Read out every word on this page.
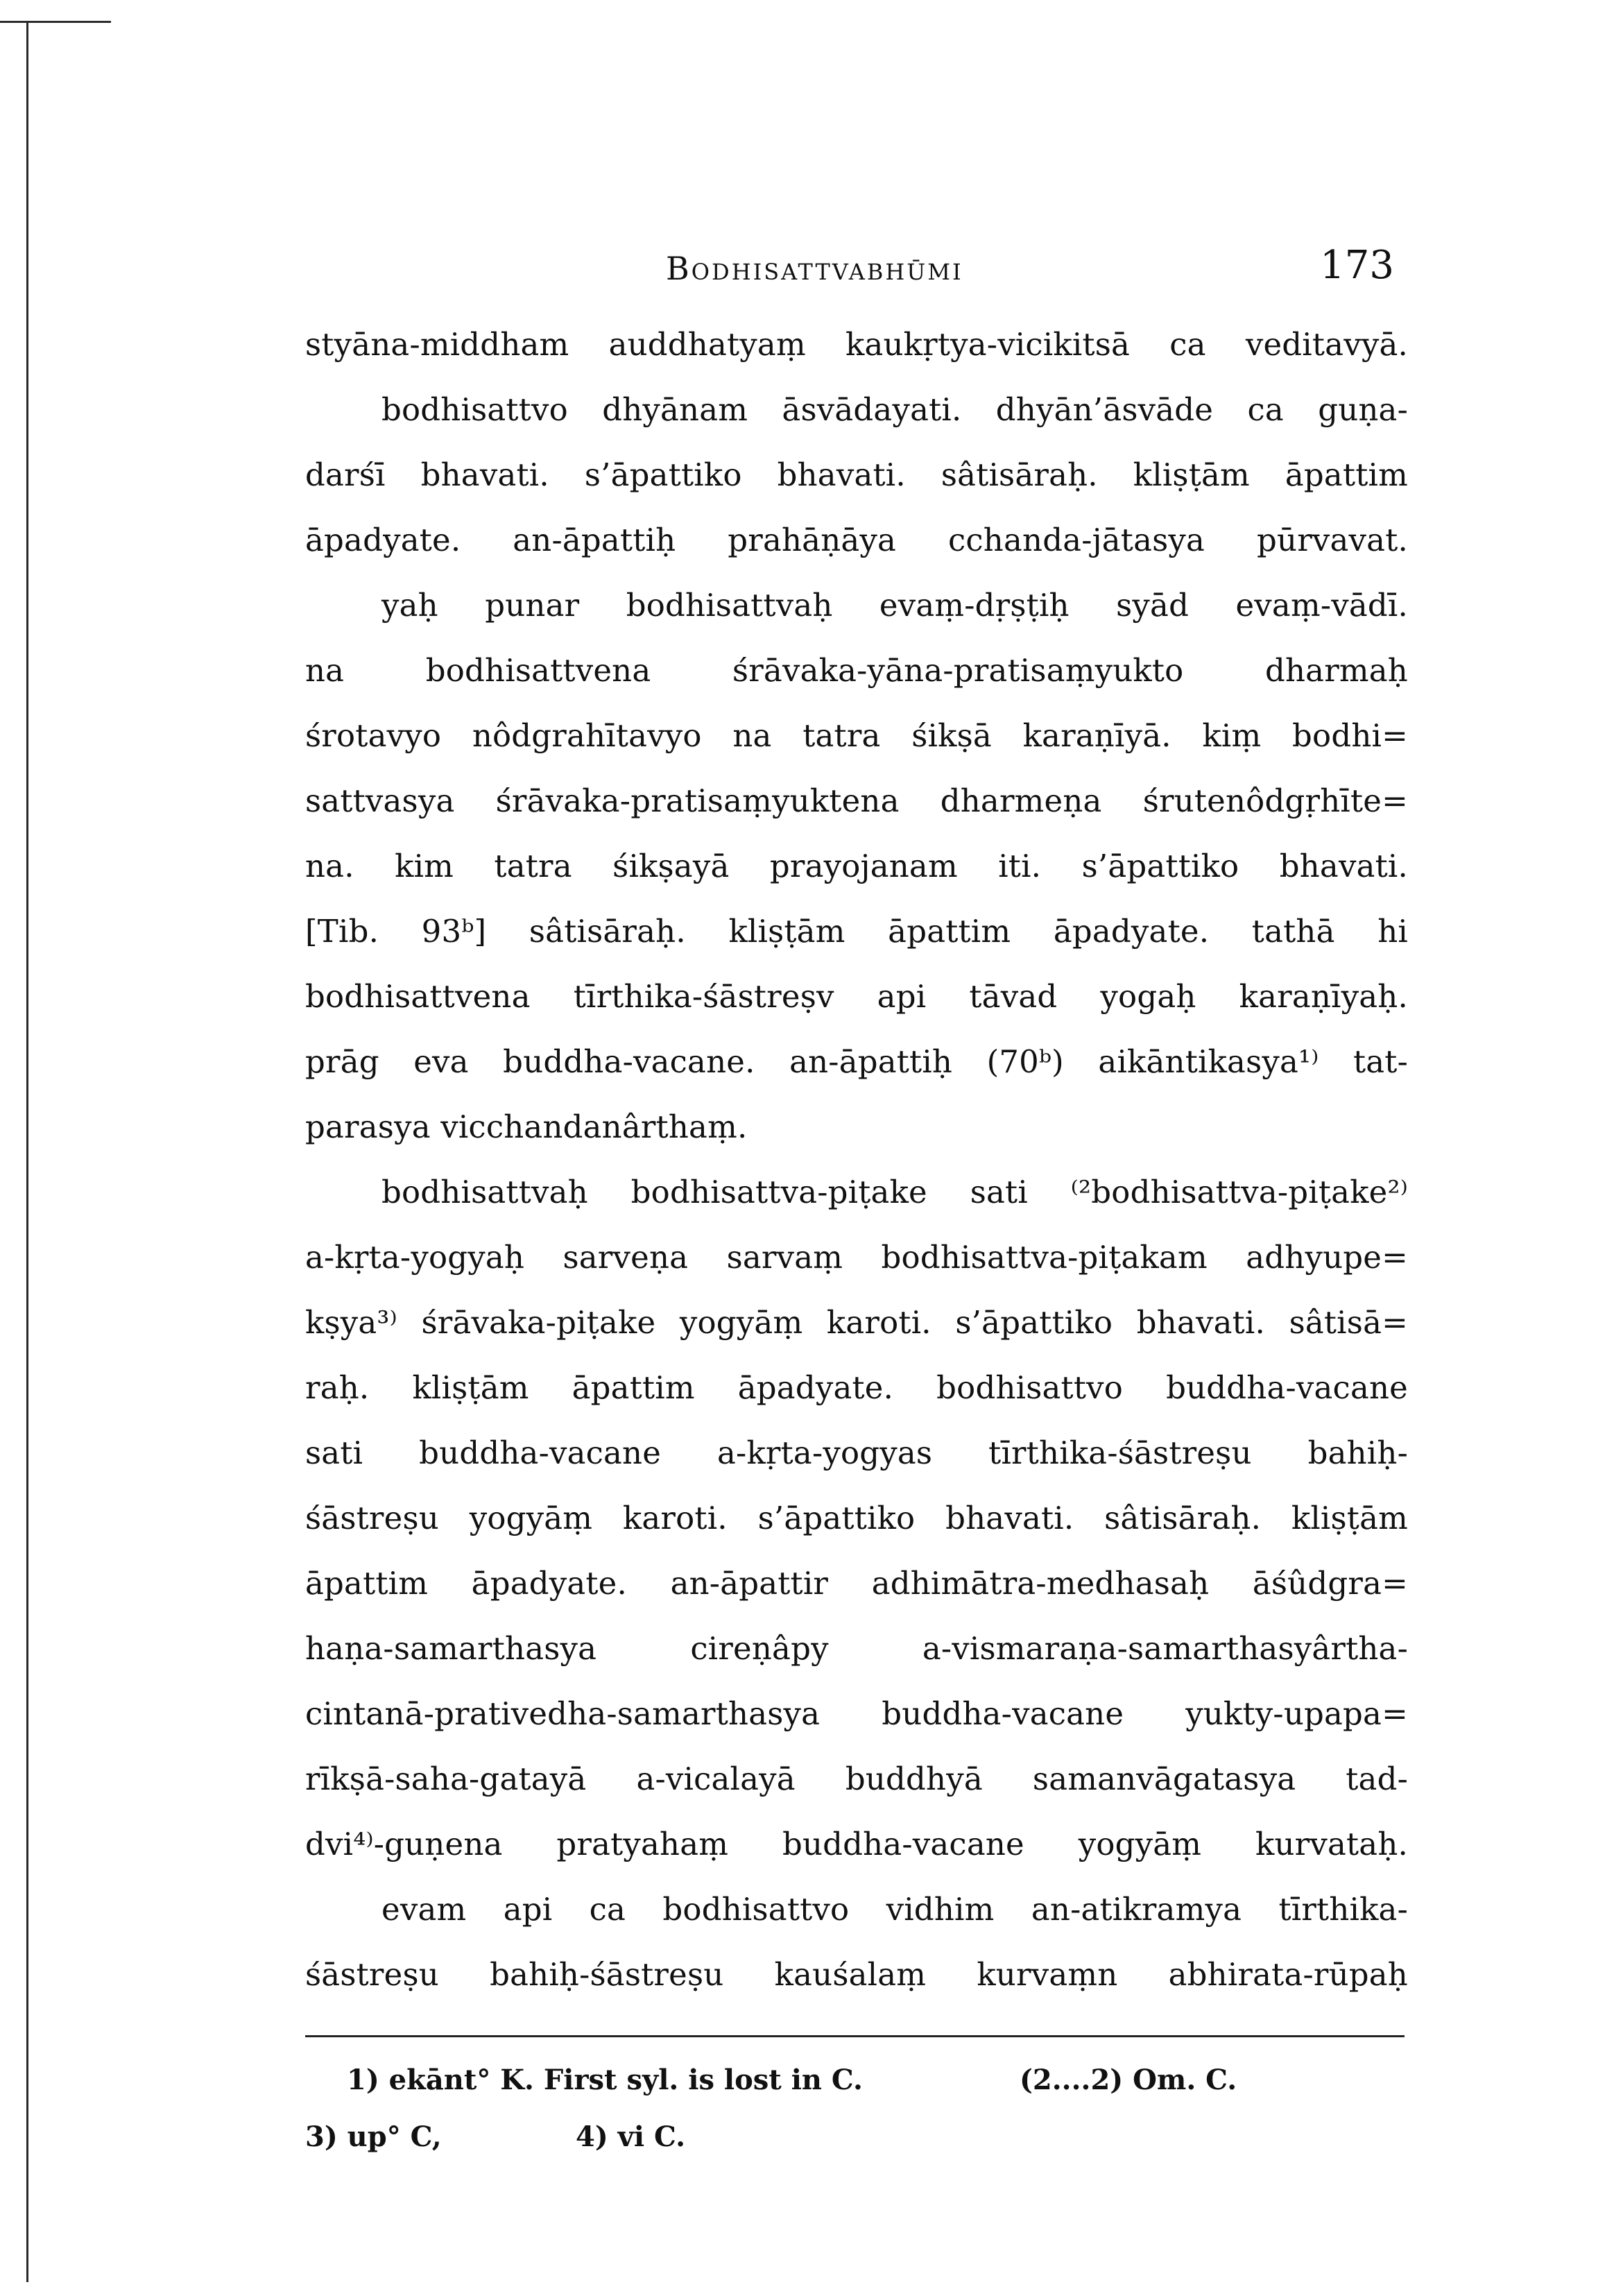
Bodhisattvabhūmi	173
styāna-middham auddhatyaṃ kaukṛtya-vicikitsā ca veditavyā.
bodhisattvo dhyānam āsvādayati. dhyān’āsvāde ca guṇa-
darśī bhavati. s’āpattiko bhavati. sâtisāraḥ. kliṣṭām āpattim
āpadyate. an-āpattiḥ prahāṇāya cchanda-jātasya pūrvavat.
yaḥ punar bodhisattvaḥ evaṃ-dṛṣṭiḥ syād evaṃ-vādī.
na bodhisattvena śrāvaka-yāna-pratisaṃyukto dharmaḥ
śrotavyo nôdgrahītavyo na tatra śikṣā karaṇīyā. kiṃ bodhi=
sattvasya śrāvaka-pratisaṃyuktena dharmeṇa śrutenôdgṛhīte=
na. kim tatra śikṣayā prayojanam iti. s’āpattiko bhavati.
[Tib. 93ᵇ] sâtisāraḥ. kliṣṭām āpattim āpadyate. tathā hi
bodhisattvena tīrthika-śāstreṣv api tāvad yogaḥ karaṇīyaḥ.
prāg eva buddha-vacane. an-āpattiḥ (70ᵇ) aikāntikasya¹⁾ tat-
parasya vicchandanârthaṃ.
bodhisattvaḥ bodhisattva-piṭake sati ⁽²bodhisattva-piṭake²⁾
a-kṛta-yogyaḥ sarveṇa sarvaṃ bodhisattva-piṭakam adhyupe=
kṣya³⁾ śrāvaka-piṭake yogyāṃ karoti. s’āpattiko bhavati. sâtisā=
raḥ. kliṣṭām āpattim āpadyate. bodhisattvo buddha-vacane
sati buddha-vacane a-kṛta-yogyas tīrthika-śāstreṣu bahiḥ-
śāstreṣu yogyāṃ karoti. s’āpattiko bhavati. sâtisāraḥ. kliṣṭām
āpattim āpadyate. an-āpattir adhimātra-medhasaḥ āśûdgra=
haṇa-samarthasya cireṇâpy a-vismaraṇa-samarthasyârtha-
cintanā-prativedha-samarthasya buddha-vacane yukty-upapa=
rīkṣā-saha-gatayā a-vicalayā buddhyā samanvāgatasya tad-
dvi⁴⁾-guṇena pratyahaṃ buddha-vacane yogyāṃ kurvataḥ.
evam api ca bodhisattvo vidhim an-atikramya tīrthika-
śāstreṣu bahiḥ-śāstreṣu kauśalaṃ kurvaṃn abhirata-rūpaḥ
1) ekānt° K. First syl. is lost in C.	(2....2) Om. C.
3) up° C,	4) vi C.
